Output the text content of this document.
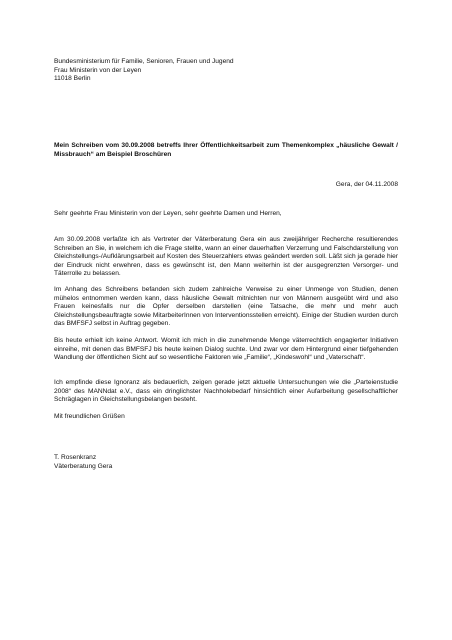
Bundesministerium für Familie, Senioren, Frauen und Jugend
Frau Ministerin von der Leyen
11018 Berlin
Mein Schreiben vom 30.09.2008 betreffs Ihrer Öffentlichkeitsarbeit zum Themenkomplex „häusliche Gewalt / Missbrauch“ am Beispiel Broschüren
Gera, der 04.11.2008
Sehr geehrte Frau Ministerin von der Leyen, sehr geehrte Damen und Herren,
Am 30.09.2008 verfaßte ich als Vertreter der Väterberatung Gera ein aus zweijähriger Recherche resultierendes Schreiben an Sie, in welchem ich die Frage stellte, wann an einer dauerhaften Verzerrung und Falschdarstellung von Gleichstellungs-/Aufklärungsarbeit auf Kosten des Steuerzahlers etwas geändert werden soll. Läßt sich ja gerade hier der Eindruck nicht erwehren, dass es gewünscht ist, den Mann weiterhin ist der ausgegrenzten Versorger- und Täterrolle zu belassen.
Im Anhang des Schreibens befanden sich zudem zahlreiche Verweise zu einer Unmenge von Studien, denen mühelos entnommen werden kann, dass häusliche Gewalt mitnichten nur von Männern ausgeübt wird und also Frauen keinesfalls nur die Opfer derselben darstellen (eine Tatsache, die mehr und mehr auch Gleichstellungsbeauftragte sowie MitarbeiterInnen von Interventionsstellen erreicht). Einige der Studien wurden durch das BMFSFJ selbst in Auftrag gegeben.
Bis heute erhielt ich keine Antwort. Womit ich mich in die zunehmende Menge väterrechtlich engagierter Initiativen einreihe, mit denen das BMFSFJ bis heute keinen Dialog suchte. Und zwar vor dem Hintergrund einer tiefgehenden Wandlung der öffentlichen Sicht auf so wesentliche Faktoren wie „Familie“, „Kindeswohl“ und „Vaterschaft“.
Ich empfinde diese Ignoranz als bedauerlich, zeigen gerade jetzt aktuelle Untersuchungen wie die „Parteienstudie 2008“ des MANNdat e.V., dass ein dringlichster Nachholebedarf hinsichtlich einer Aufarbeitung gesellschaftlicher Schräglagen in Gleichstellungsbelangen besteht.
Mit freundlichen Grüßen
T. Rosenkranz
Väterberatung Gera
